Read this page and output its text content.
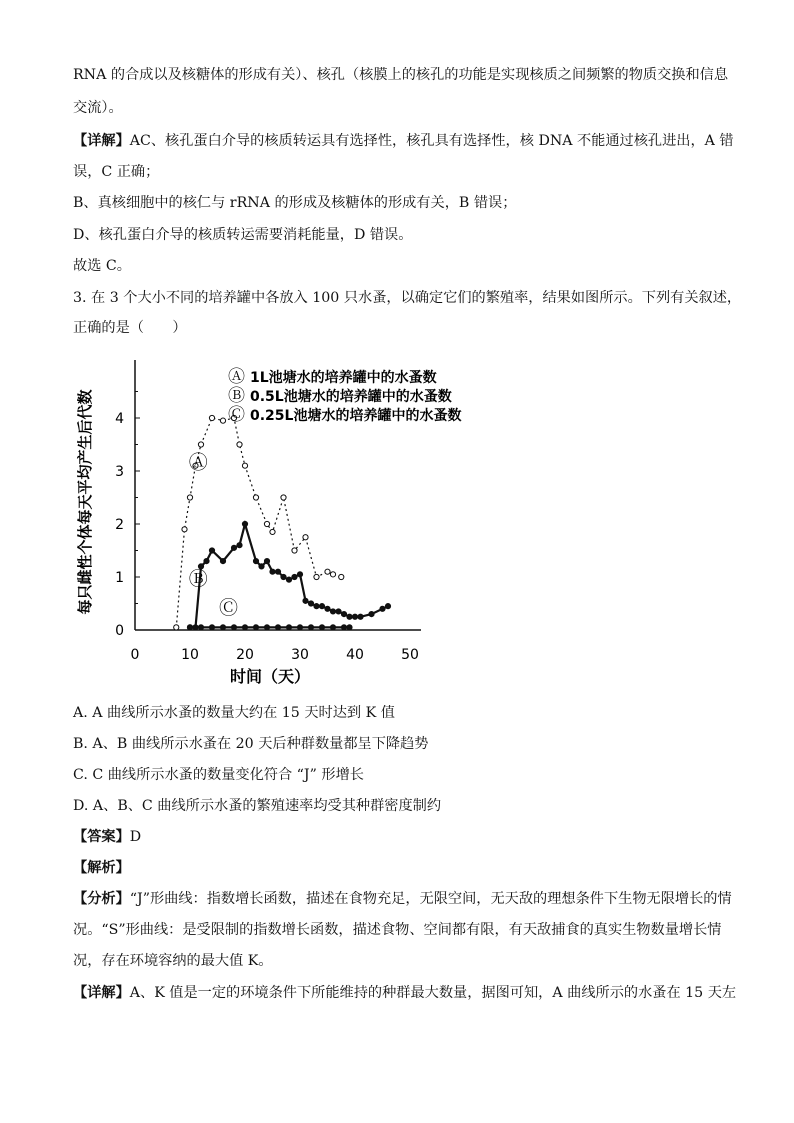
RNA 的合成以及核糖体的形成有关）、核孔（核膜上的核孔的功能是实现核质之间频繁的物质交换和信息
交流）。
【详解】AC、核孔蛋白介导的核质转运具有选择性，核孔具有选择性，核 DNA 不能通过核孔进出，A 错
误，C 正确；
B、真核细胞中的核仁与 rRNA 的形成及核糖体的形成有关，B 错误；
D、核孔蛋白介导的核质转运需要消耗能量，D 错误。
故选 C。
3. 在 3 个大小不同的培养罐中各放入 100 只水蚤，以确定它们的繁殖率，结果如图所示。下列有关叙述，
正确的是（　　）
0	10	20	30	40	50
0
1
2
3
4
Ⓐ
Ⓑ
Ⓒ
Ⓐ 1L池塘水的培养罐中的水蚤数
Ⓑ 0.5L池塘水的培养罐中的水蚤数
Ⓒ 0.25L池塘水的培养罐中的水蚤数
每只雌性个体每天平均产生后代数
时间（天）
A. A 曲线所示水蚤的数量大约在 15 天时达到 K 值
B. A、B 曲线所示水蚤在 20 天后种群数量都呈下降趋势
C. C 曲线所示水蚤的数量变化符合 “J” 形增长
D. A、B、C 曲线所示水蚤的繁殖速率均受其种群密度制约
【答案】D
【解析】
【分析】“J”形曲线：指数增长函数，描述在食物充足，无限空间，无天敌的理想条件下生物无限增长的情
况。“S”形曲线：是受限制的指数增长函数，描述食物、空间都有限，有天敌捕食的真实生物数量增长情
况，存在环境容纳的最大值 K。
【详解】A、K 值是一定的环境条件下所能维持的种群最大数量，据图可知，A 曲线所示的水蚤在 15 天左
